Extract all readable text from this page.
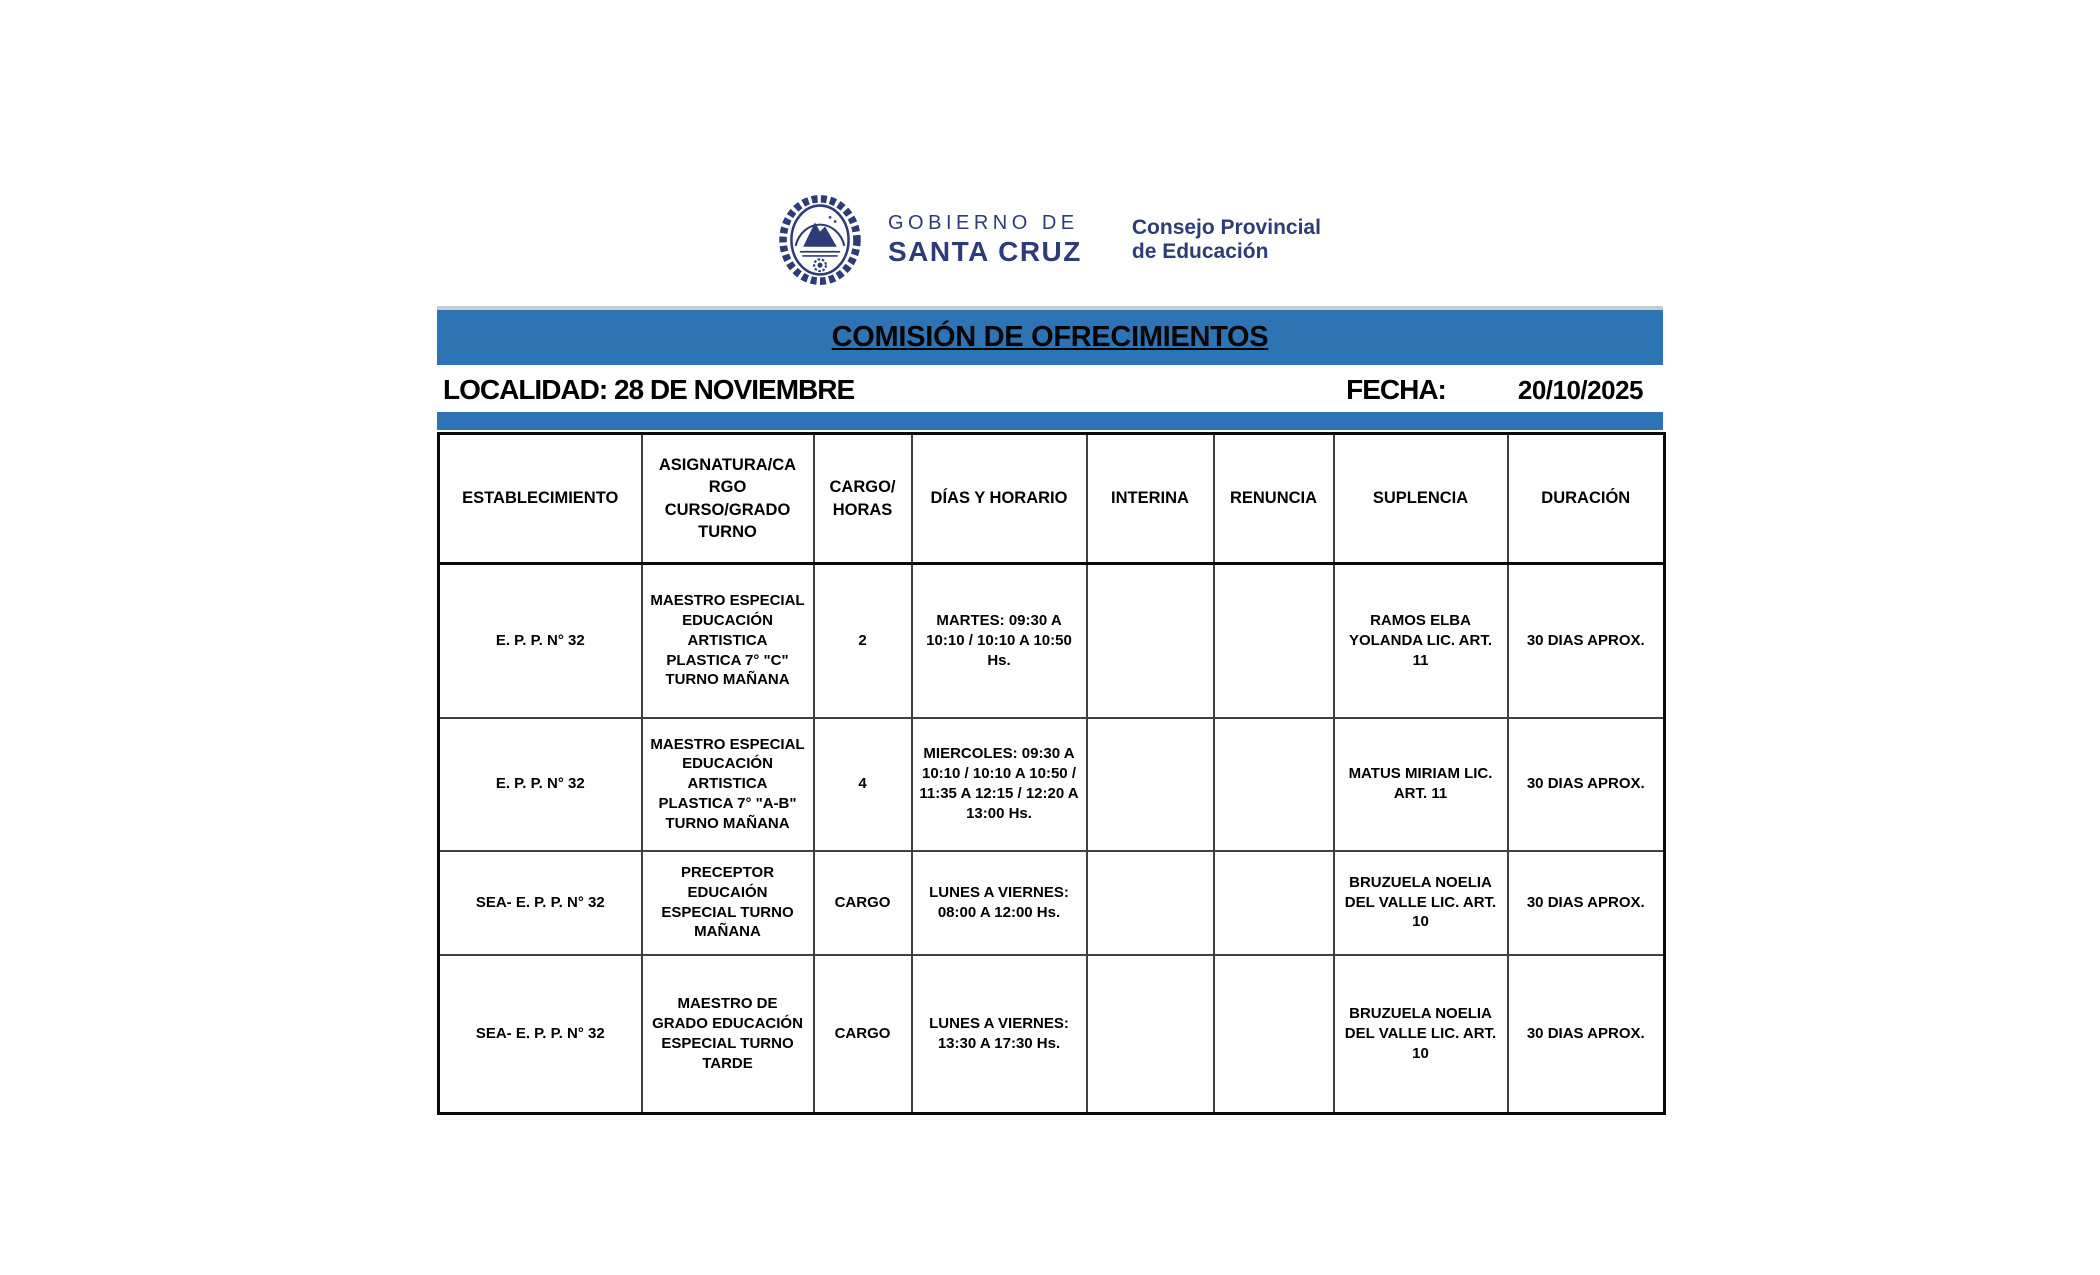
GOBIERNO DE
SANTA CRUZ
Consejo Provincial
de Educación
COMISIÓN DE OFRECIMIENTOS
LOCALIDAD: 28 DE NOVIEMBRE	FECHA:	20/10/2025
ESTABLECIMIENTO	ASIGNATURA/CARGO CURSO/GRADO TURNO	CARGO/ HORAS	DÍAS Y HORARIO	INTERINA	RENUNCIA	SUPLENCIA	DURACIÓN
E. P. P. N° 32	MAESTRO ESPECIAL EDUCACIÓN ARTISTICA PLASTICA 7° "C" TURNO MAÑANA	2	MARTES: 09:30 A 10:10 / 10:10 A 10:50 Hs.			RAMOS ELBA YOLANDA LIC. ART. 11	30 DIAS APROX.
E. P. P. N° 32	MAESTRO ESPECIAL EDUCACIÓN ARTISTICA PLASTICA 7° "A-B" TURNO MAÑANA	4	MIERCOLES: 09:30 A 10:10 / 10:10 A 10:50 / 11:35 A 12:15 / 12:20 A 13:00 Hs.			MATUS MIRIAM LIC. ART. 11	30 DIAS APROX.
SEA- E. P. P. N° 32	PRECEPTOR EDUCAIÓN ESPECIAL TURNO MAÑANA	CARGO	LUNES A VIERNES: 08:00 A 12:00 Hs.			BRUZUELA NOELIA DEL VALLE LIC. ART. 10	30 DIAS APROX.
SEA- E. P. P. N° 32	MAESTRO DE GRADO EDUCACIÓN ESPECIAL TURNO TARDE	CARGO	LUNES A VIERNES: 13:30 A 17:30 Hs.			BRUZUELA NOELIA DEL VALLE LIC. ART. 10	30 DIAS APROX.
